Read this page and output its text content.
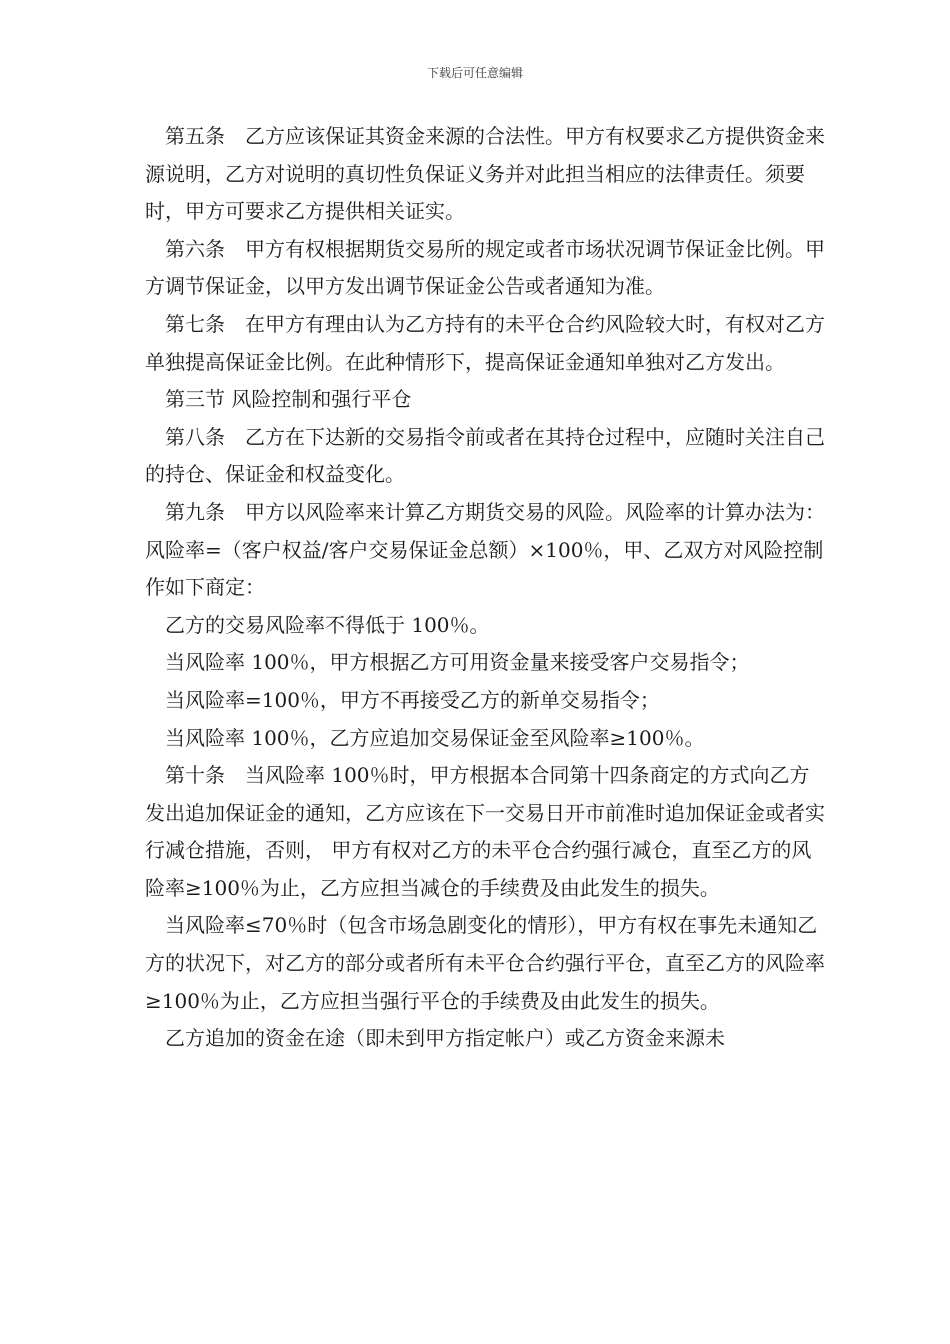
下载后可任意编辑

第五条　乙方应该保证其资金来源的合法性。甲方有权要求乙方提供资金来源说明，乙方对说明的真切性负保证义务并对此担当相应的法律责任。须要时，甲方可要求乙方提供相关证实。

第六条　甲方有权根据期货交易所的规定或者市场状况调节保证金比例。甲方调节保证金，以甲方发出调节保证金公告或者通知为准。

第七条　在甲方有理由认为乙方持有的未平仓合约风险较大时，有权对乙方单独提高保证金比例。在此种情形下，提高保证金通知单独对乙方发出。

第三节 风险控制和强行平仓

第八条　乙方在下达新的交易指令前或者在其持仓过程中，应随时关注自己的持仓、保证金和权益变化。

第九条　甲方以风险率来计算乙方期货交易的风险。风险率的计算办法为：风险率=（客户权益/客户交易保证金总额）×100％，甲、乙双方对风险控制作如下商定：

乙方的交易风险率不得低于 100％。

当风险率 100％，甲方根据乙方可用资金量来接受客户交易指令；

当风险率=100％，甲方不再接受乙方的新单交易指令；

当风险率 100％，乙方应追加交易保证金至风险率≥100％。

第十条　当风险率 100％时，甲方根据本合同第十四条商定的方式向乙方发出追加保证金的通知，乙方应该在下一交易日开市前准时追加保证金或者实行减仓措施，否则， 甲方有权对乙方的未平仓合约强行减仓，直至乙方的风险率≥100％为止，乙方应担当减仓的手续费及由此发生的损失。

当风险率≤70％时（包含市场急剧变化的情形），甲方有权在事先未通知乙方的状况下，对乙方的部分或者所有未平仓合约强行平仓，直至乙方的风险率≥100％为止，乙方应担当强行平仓的手续费及由此发生的损失。

乙方追加的资金在途（即未到甲方指定帐户）或乙方资金来源未
